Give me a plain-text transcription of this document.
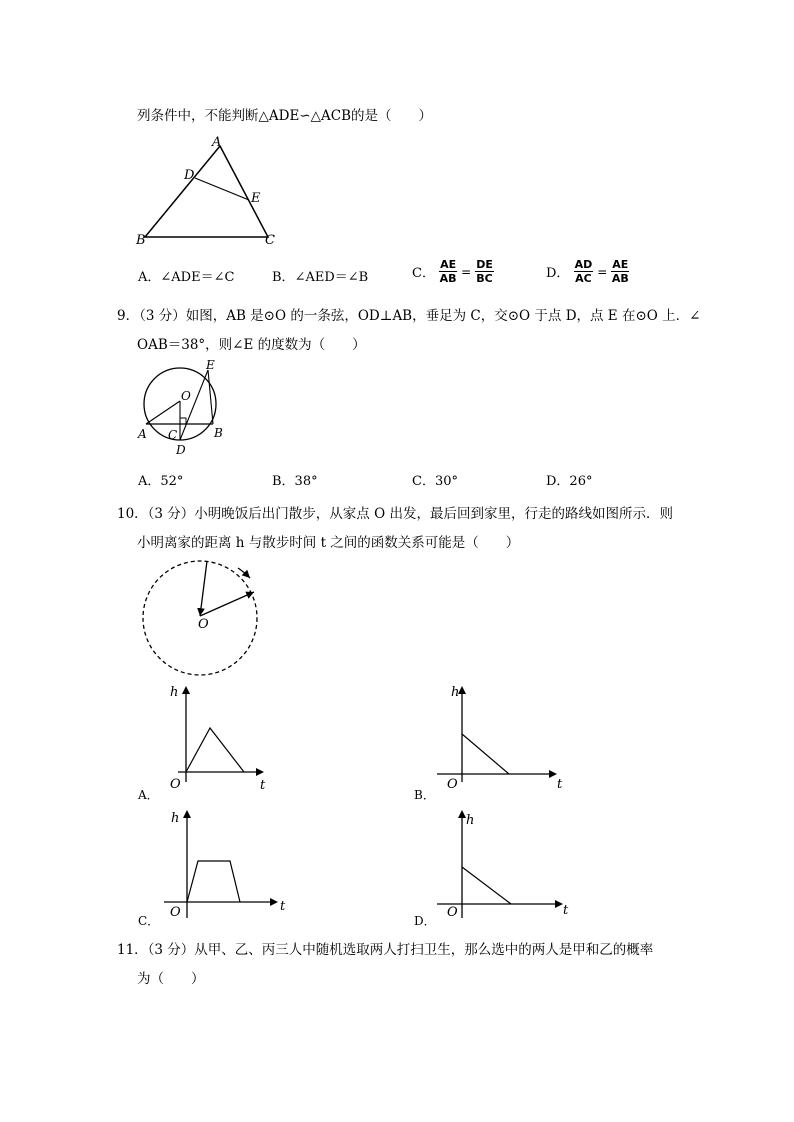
列条件中，不能判断△ADE∽△ACB的是（　　）
A
D
E
B	C
A．∠ADE＝∠C	B．∠AED＝∠B	C． $\frac{AE}{AB} = \frac{DE}{BC}$	D． $\frac{AD}{AC} = \frac{AE}{AB}$
9．（3 分）如图，AB 是⊙O 的一条弦，OD⊥AB，垂足为 C，交⊙O 于点 D，点 E 在⊙O 上．∠
OAB＝38°，则∠E 的度数为（　　）
E
O
A C	B
D
A．52°	B．38°	C．30°	D．26°
10．（3 分）小明晚饭后出门散步，从家点 O 出发，最后回到家里，行走的路线如图所示．则
小明离家的距离 h 与散步时间 t 之间的函数关系可能是（　　）
O
h
t
O
A．
h
t
O
B．
h
t
O
C．
h
t
O
D．
11．（3 分）从甲、乙、丙三人中随机选取两人打扫卫生，那么选中的两人是甲和乙的概率
为（　　）
